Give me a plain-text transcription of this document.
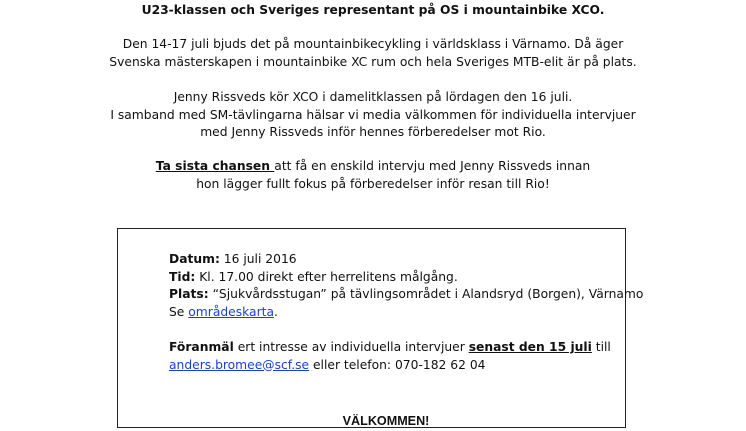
U23-klassen och Sveriges representant på OS i mountainbike XCO.

Den 14-17 juli bjuds det på mountainbikecykling i världsklass i Värnamo. Då äger

Svenska mästerskapen i mountainbike XC rum och hela Sveriges MTB-elit är på plats.

Jenny Rissveds kör XCO i damelitklassen på lördagen den 16 juli.

I samband med SM-tävlingarna hälsar vi media välkommen för individuella intervjuer

med Jenny Rissveds inför hennes förberedelser mot Rio.

Ta sista chansen att få en enskild intervju med Jenny Rissveds innan

hon lägger fullt fokus på förberedelser inför resan till Rio!

Datum: 16 juli 2016

Tid: Kl. 17.00 direkt efter herrelitens målgång.

Plats: “Sjukvårdsstugan” på tävlingsområdet i Alandsryd (Borgen), Värnamo

Se områdeskarta.

Föranmäl ert intresse av individuella intervjuer senast den 15 juli till

anders.bromee@scf.se eller telefon: 070-182 62 04

VÄLKOMMEN!
